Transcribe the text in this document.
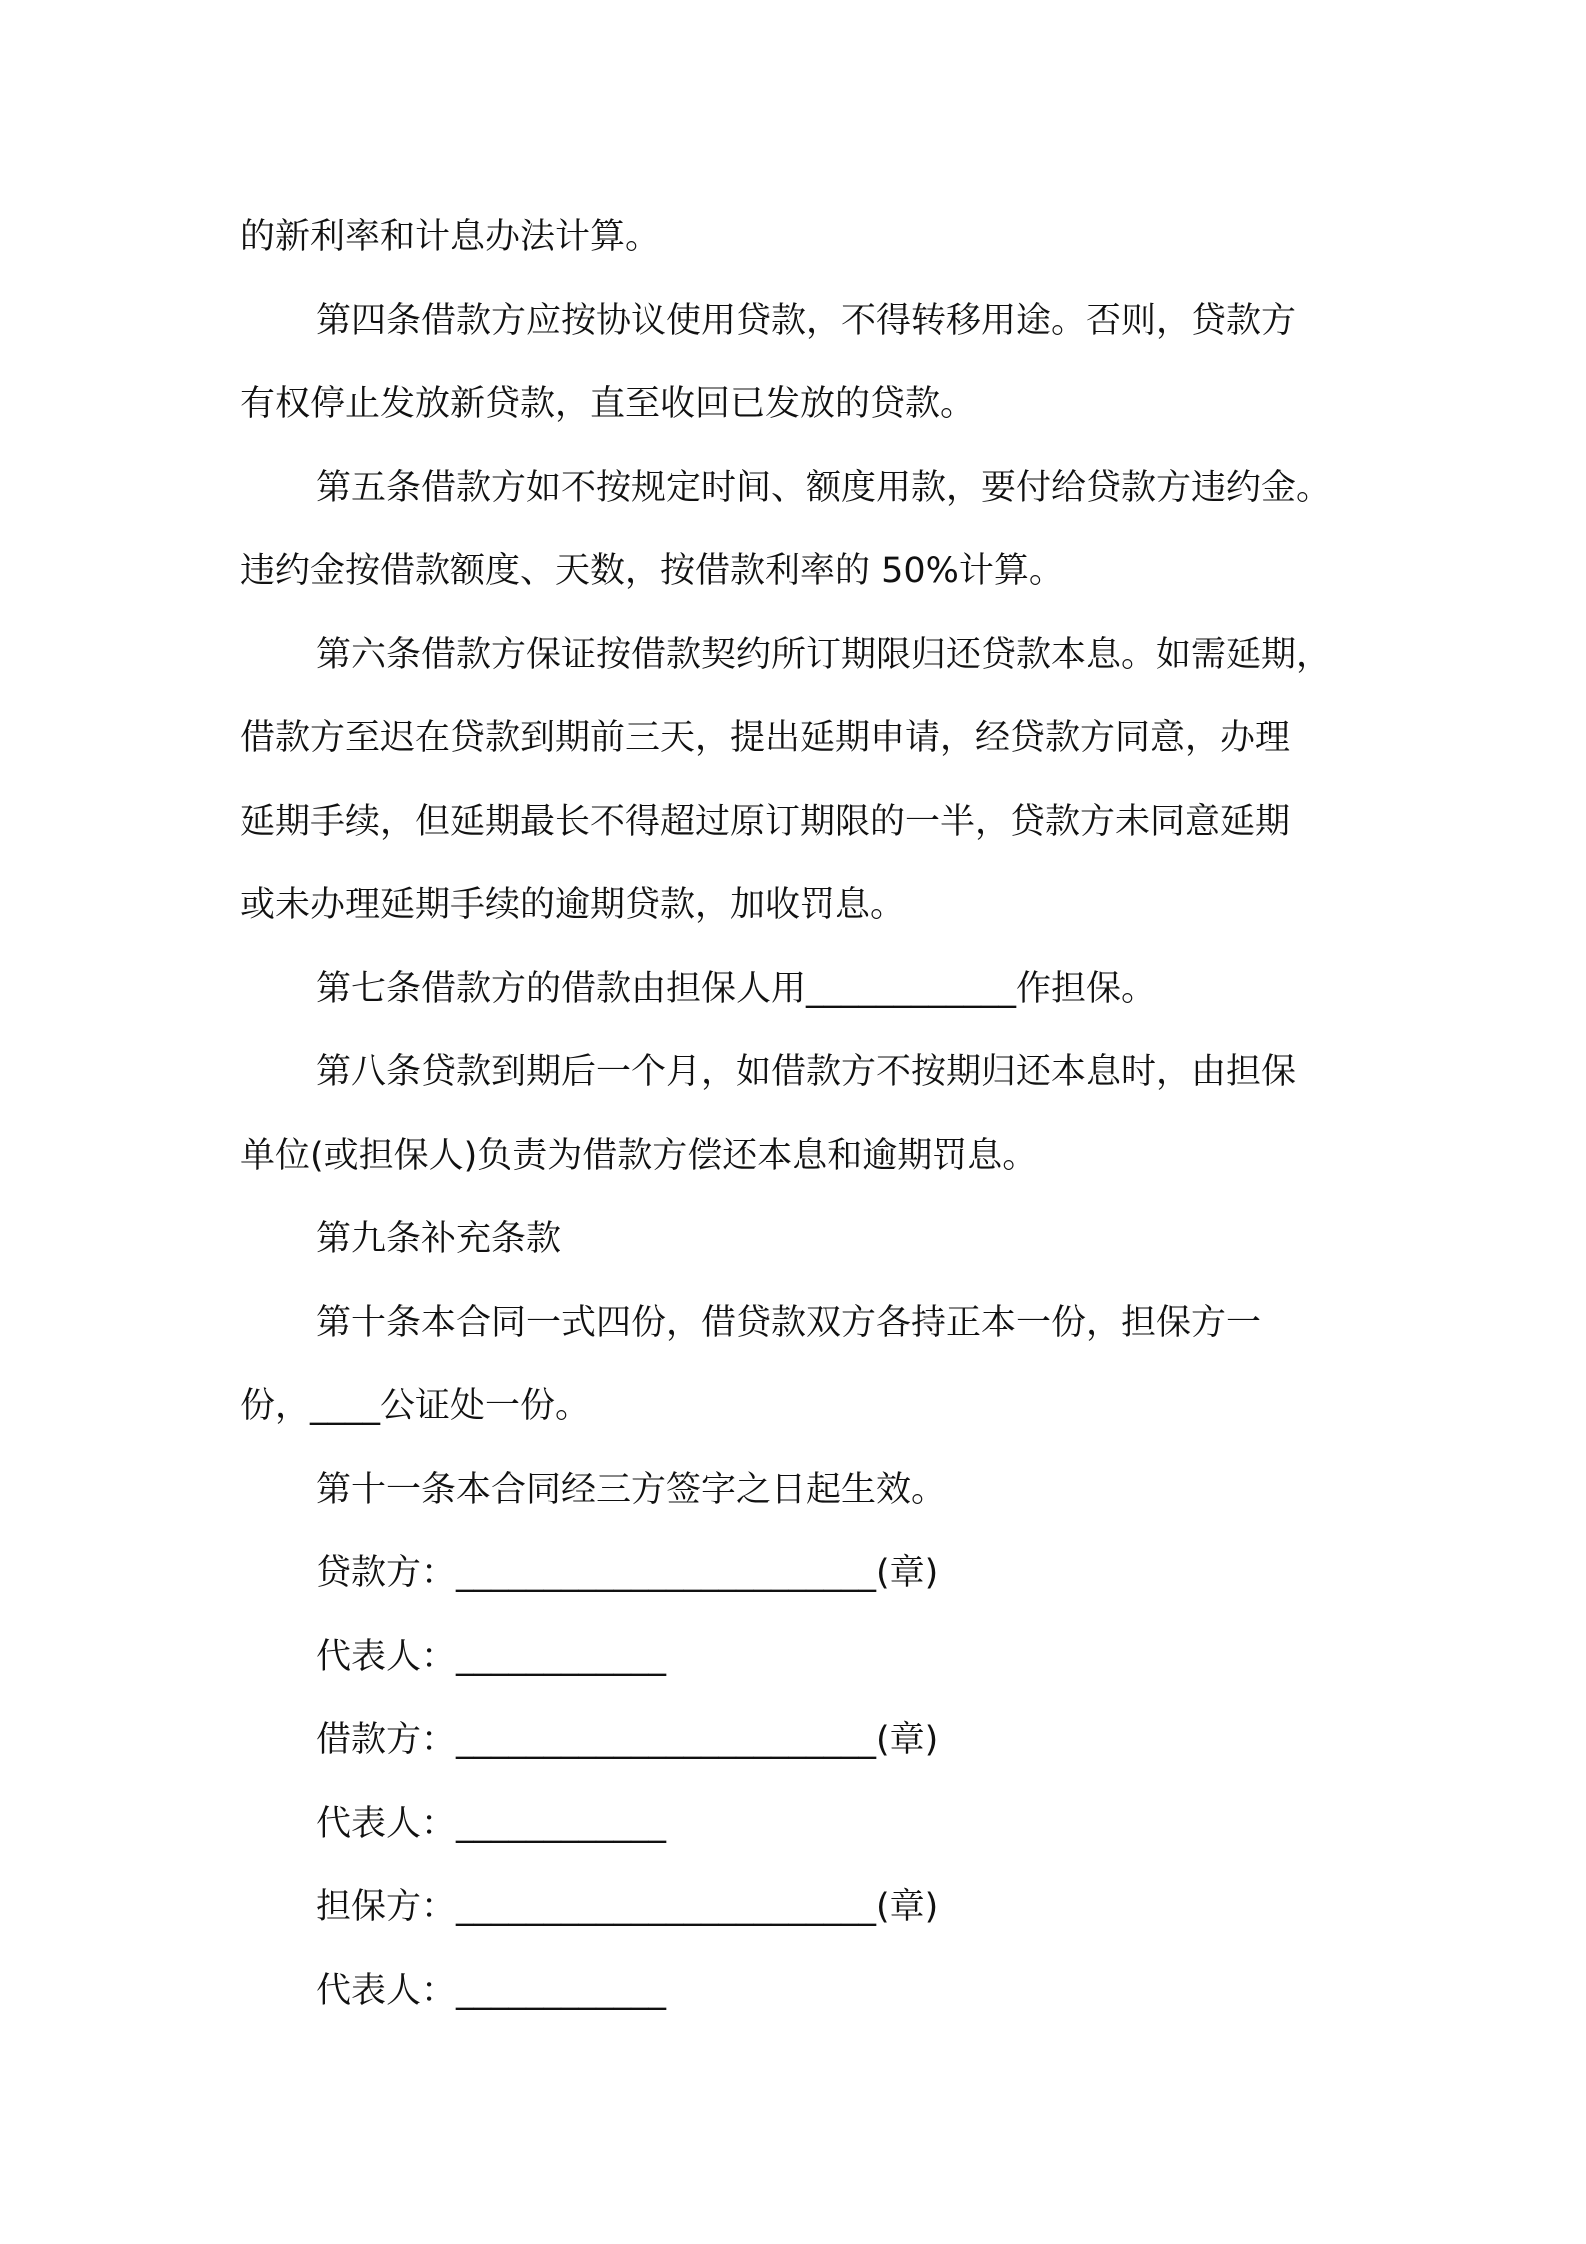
的新利率和计息办法计算。
第四条借款方应按协议使用贷款，不得转移用途。否则，贷款方
有权停止发放新贷款，直至收回已发放的贷款。
第五条借款方如不按规定时间、额度用款，要付给贷款方违约金。
违约金按借款额度、天数，按借款利率的 50%计算。
第六条借款方保证按借款契约所订期限归还贷款本息。如需延期，
借款方至迟在贷款到期前三天，提出延期申请，经贷款方同意，办理
延期手续，但延期最长不得超过原订期限的一半，贷款方未同意延期
或未办理延期手续的逾期贷款，加收罚息。
第七条借款方的借款由担保人用____________作担保。
第八条贷款到期后一个月，如借款方不按期归还本息时，由担保
单位(或担保人)负责为借款方偿还本息和逾期罚息。
第九条补充条款
第十条本合同一式四份，借贷款双方各持正本一份，担保方一
份，____公证处一份。
第十一条本合同经三方签字之日起生效。
贷款方：________________________(章)
代表人：____________
借款方：________________________(章)
代表人：____________
担保方：________________________(章)
代表人：____________
